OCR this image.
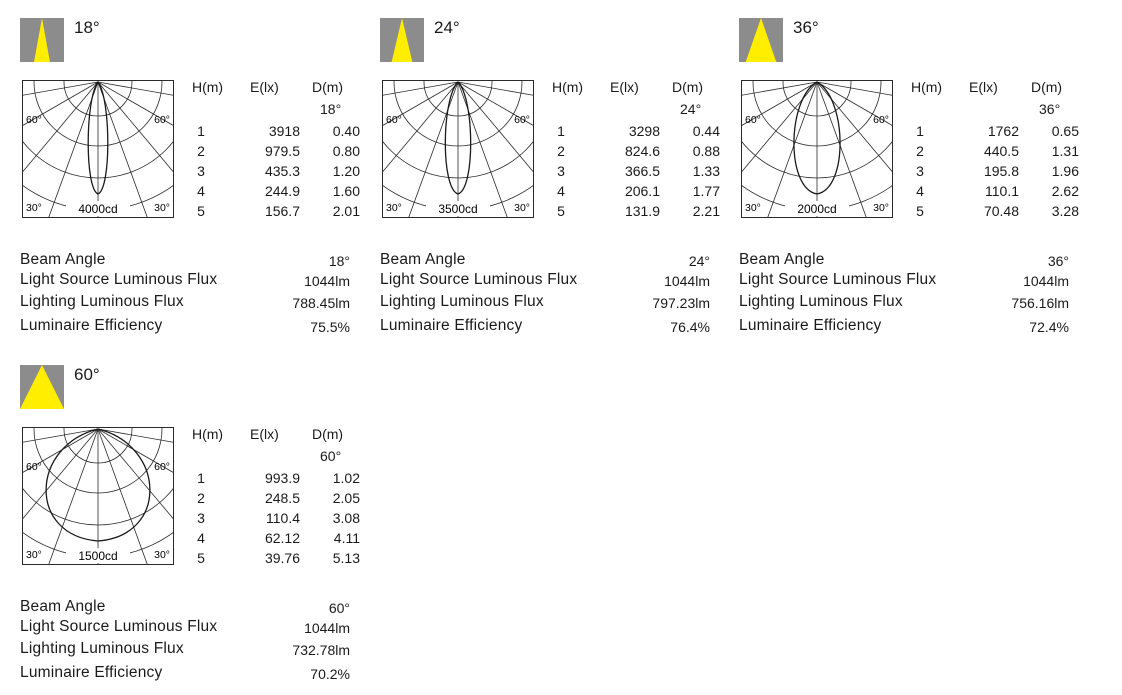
18°
60°	60°
30°	30°
4000cd
H(m) E(lx) D(m)
18°
1	3918	0.40
2	979.5	0.80
3	435.3	1.20
4	244.9	1.60
5	156.7	2.01
Beam Angle	18°
Light Source Luminous Flux	1044lm
Lighting Luminous Flux	788.45lm
Luminaire Efficiency	75.5%
24°
60°	60°
30°	30°
3500cd
H(m) E(lx) D(m)
24°
1	3298	0.44
2	824.6	0.88
3	366.5	1.33
4	206.1	1.77
5	131.9	2.21
Beam Angle	24°
Light Source Luminous Flux	1044lm
Lighting Luminous Flux	797.23lm
Luminaire Efficiency	76.4%
36°
60°	60°
30°	30°
2000cd
H(m) E(lx) D(m)
36°
1	1762	0.65
2	440.5	1.31
3	195.8	1.96
4	110.1	2.62
5	70.48	3.28
Beam Angle	36°
Light Source Luminous Flux	1044lm
Lighting Luminous Flux	756.16lm
Luminaire Efficiency	72.4%
60°
60°	60°
30°	30°
1500cd
H(m) E(lx) D(m)
60°
1	993.9	1.02
2	248.5	2.05
3	110.4	3.08
4	62.12	4.11
5	39.76	5.13
Beam Angle	60°
Light Source Luminous Flux	1044lm
Lighting Luminous Flux	732.78lm
Luminaire Efficiency	70.2%
